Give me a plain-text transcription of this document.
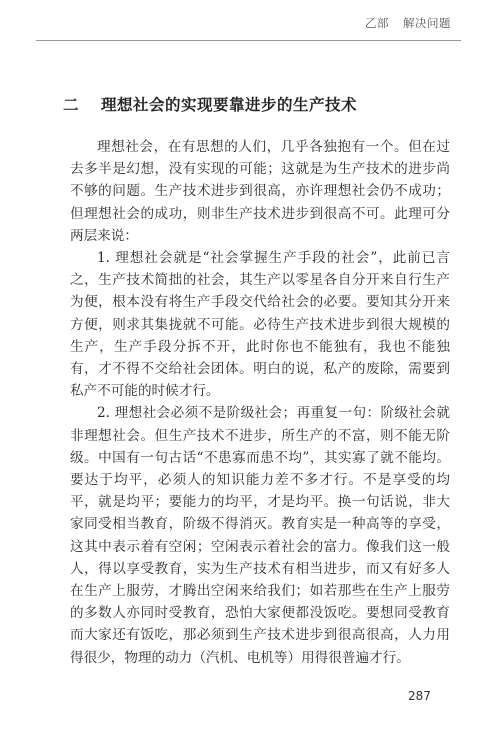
乙部 解决问题
二 理想社会的实现要靠进步的生产技术

理想社会，在有思想的人们，几乎各独抱有一个。但在过去多半是幻想，没有实现的可能；这就是为生产技术的进步尚不够的问题。生产技术进步到很高，亦许理想社会仍不成功；但理想社会的成功，则非生产技术进步到很高不可。此理可分两层来说：

1. 理想社会就是“社会掌握生产手段的社会”，此前已言之，生产技术简拙的社会，其生产以零星各自分开来自行生产为便，根本没有将生产手段交代给社会的必要。要知其分开来方便，则求其集拢就不可能。必待生产技术进步到很大规模的生产，生产手段分拆不开，此时你也不能独有，我也不能独有，才不得不交给社会团体。明白的说，私产的废除，需要到私产不可能的时候才行。

2. 理想社会必须不是阶级社会；再重复一句：阶级社会就非理想社会。但生产技术不进步，所生产的不富，则不能无阶级。中国有一句古话“不患寡而患不均”，其实寡了就不能均。要达于均平，必须人的知识能力差不多才行。不是享受的均平，就是均平；要能力的均平，才是均平。换一句话说，非大家同受相当教育，阶级不得消灭。教育实是一种高等的享受，这其中表示着有空闲；空闲表示着社会的富力。像我们这一般人，得以享受教育，实为生产技术有相当进步，而又有好多人在生产上服劳，才腾出空闲来给我们；如若那些在生产上服劳的多数人亦同时受教育，恐怕大家便都没饭吃。要想同受教育而大家还有饭吃，那必须到生产技术进步到很高很高，人力用得很少，物理的动力（汽机、电机等）用得很普遍才行。

287
